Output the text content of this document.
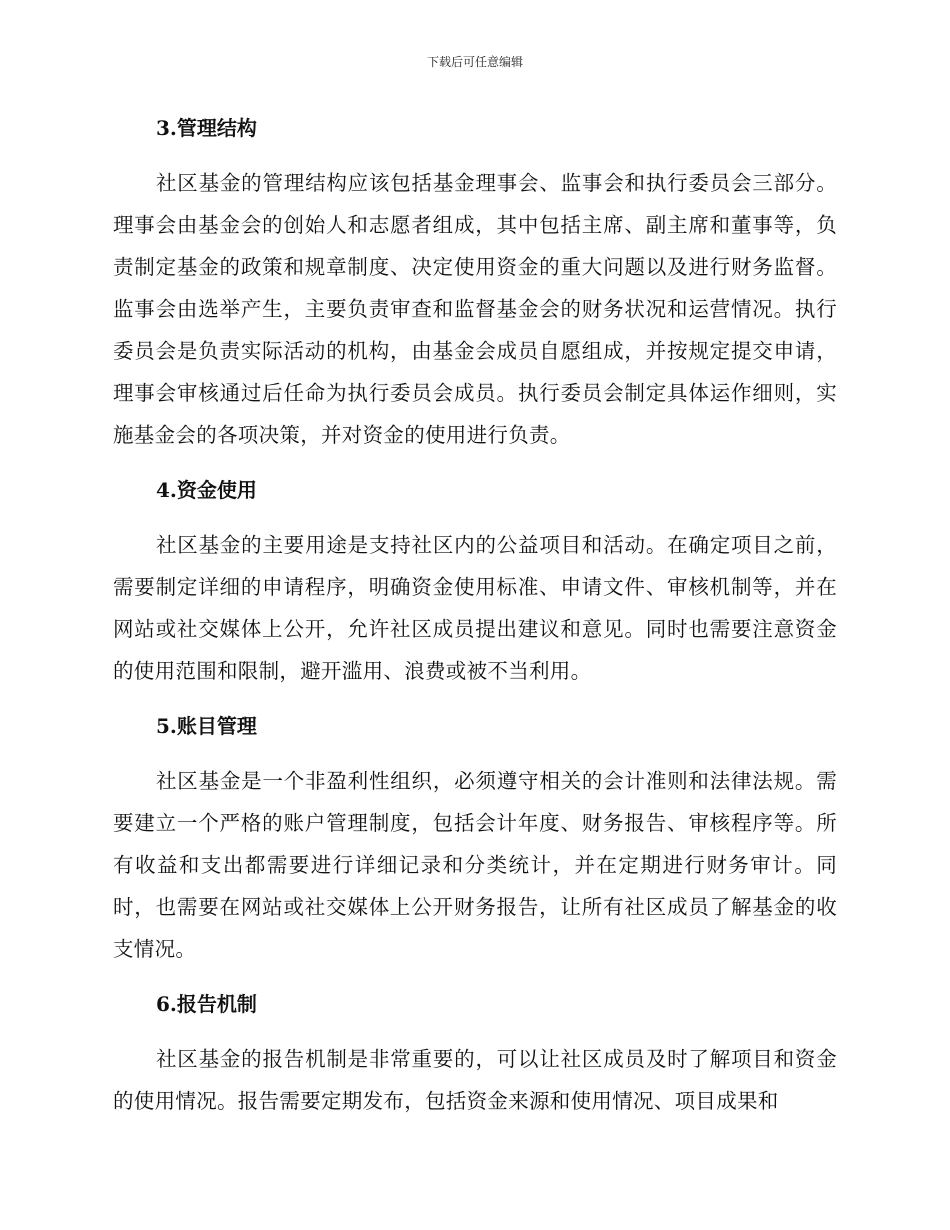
下载后可任意编辑
3.管理结构

社区基金的管理结构应该包括基金理事会、监事会和执行委员会三部分。理事会由基金会的创始人和志愿者组成，其中包括主席、副主席和董事等，负责制定基金的政策和规章制度、决定使用资金的重大问题以及进行财务监督。监事会由选举产生，主要负责审查和监督基金会的财务状况和运营情况。执行委员会是负责实际活动的机构，由基金会成员自愿组成，并按规定提交申请，理事会审核通过后任命为执行委员会成员。执行委员会制定具体运作细则，实施基金会的各项决策，并对资金的使用进行负责。

4.资金使用

社区基金的主要用途是支持社区内的公益项目和活动。在确定项目之前，需要制定详细的申请程序，明确资金使用标准、申请文件、审核机制等，并在网站或社交媒体上公开，允许社区成员提出建议和意见。同时也需要注意资金的使用范围和限制，避开滥用、浪费或被不当利用。

5.账目管理

社区基金是一个非盈利性组织，必须遵守相关的会计准则和法律法规。需要建立一个严格的账户管理制度，包括会计年度、财务报告、审核程序等。所有收益和支出都需要进行详细记录和分类统计，并在定期进行财务审计。同时，也需要在网站或社交媒体上公开财务报告，让所有社区成员了解基金的收支情况。

6.报告机制

社区基金的报告机制是非常重要的，可以让社区成员及时了解项目和资金的使用情况。报告需要定期发布，包括资金来源和使用情况、项目成果和
